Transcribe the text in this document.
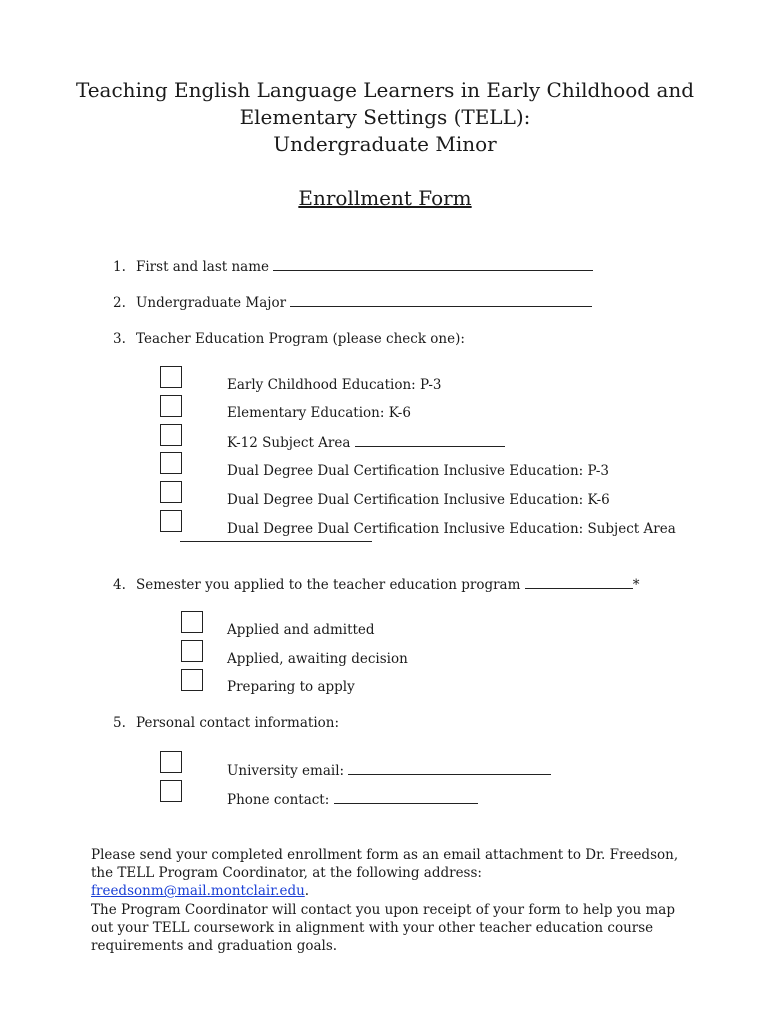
Teaching English Language Learners in Early Childhood and
Elementary Settings (TELL):
Undergraduate Minor
Enrollment Form
1. First and last name
2. Undergraduate Major
3. Teacher Education Program (please check one):
Early Childhood Education: P-3
Elementary Education: K-6
K-12 Subject Area
Dual Degree Dual Certification Inclusive Education: P-3
Dual Degree Dual Certification Inclusive Education: K-6
Dual Degree Dual Certification Inclusive Education: Subject Area
4. Semester you applied to the teacher education program	*
Applied and admitted
Applied, awaiting decision
Preparing to apply
5. Personal contact information:
University email:
Phone contact:
Please send your completed enrollment form as an email attachment to Dr. Freedson, the TELL Program Coordinator, at the following address: freedsonm@mail.montclair.edu.
The Program Coordinator will contact you upon receipt of your form to help you map out your TELL coursework in alignment with your other teacher education course requirements and graduation goals.
